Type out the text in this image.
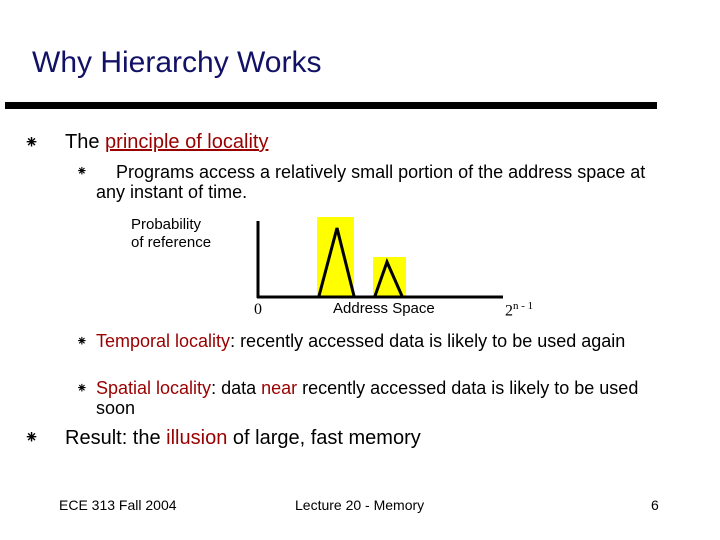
Why Hierarchy Works
⁕ The principle of locality
⁕	Programs access a relatively small portion of the address space at any instant of time.
Probability
of reference
0	Address Space	2$^{n - 1}$
⁕ Temporal locality: recently accessed data is likely to be used again
⁕ Spatial locality: data near recently accessed data is likely to be used soon
⁕ Result: the illusion of large, fast memory
ECE 313 Fall 2004	Lecture 20 - Memory	6
